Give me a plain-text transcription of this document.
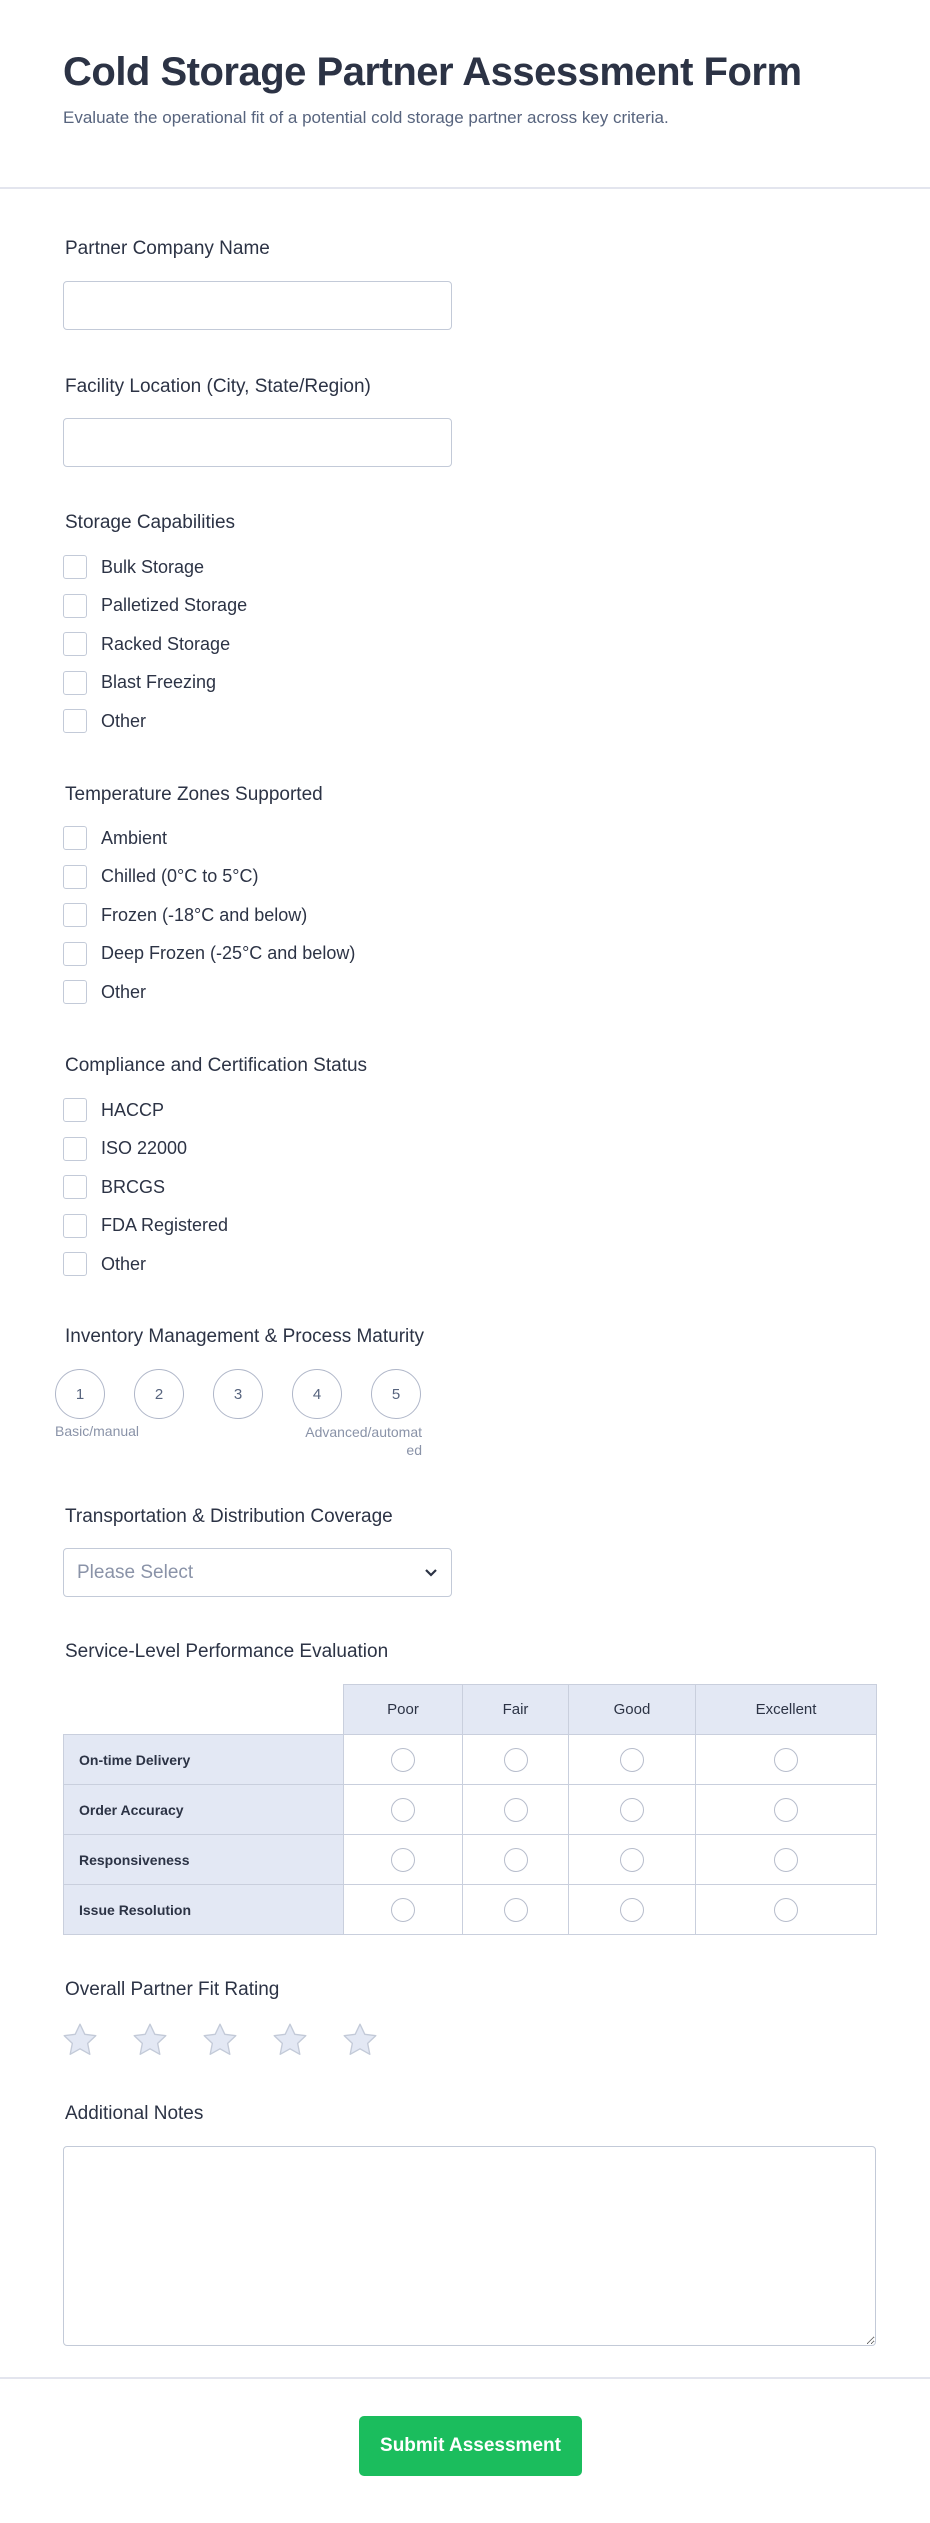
Cold Storage Partner Assessment Form
Evaluate the operational fit of a potential cold storage partner across key criteria.
Partner Company Name
Facility Location (City, State/Region)
Storage Capabilities
Bulk Storage
Palletized Storage
Racked Storage
Blast Freezing
Other
Temperature Zones Supported
Ambient
Chilled (0°C to 5°C)
Frozen (-18°C and below)
Deep Frozen (-25°C and below)
Other
Compliance and Certification Status
HACCP
ISO 22000
BRCGS
FDA Registered
Other
Inventory Management & Process Maturity
1	2	3	4	5
Basic/manual	Advanced/automated
Transportation & Distribution Coverage
Please Select
Service-Level Performance Evaluation
	Poor	Fair	Good	Excellent
On-time Delivery				
Order Accuracy				
Responsiveness				
Issue Resolution				
Overall Partner Fit Rating
Additional Notes
Submit Assessment
